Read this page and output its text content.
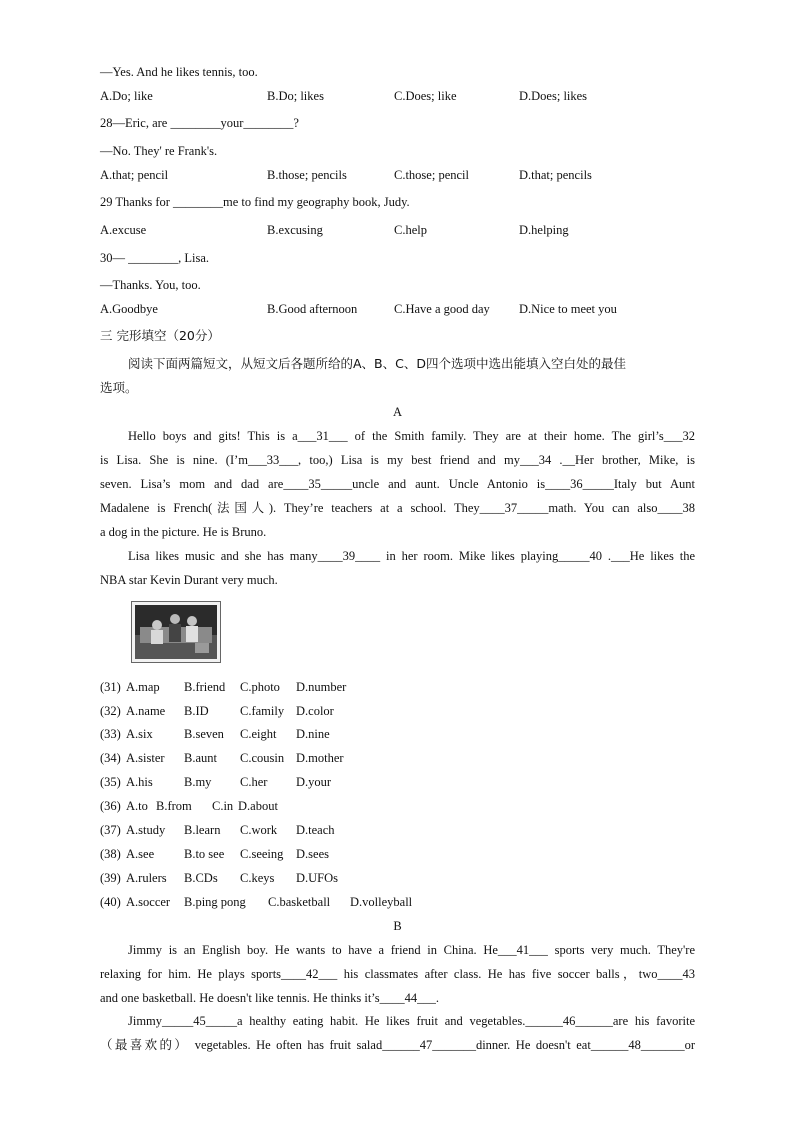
—Yes. And he likes tennis, too.
A.Do; like	B.Do; likes	C.Does; like	D.Does; likes
28—Eric, are ________your________?
—No. They' re Frank's.
A.that; pencil	B.those; pencils	C.those; pencil	D.that; pencils
29 Thanks for ________me to find my geography book, Judy.
A.excuse	B.excusing	C.help	D.helping
30— ________, Lisa.
—Thanks. You, too.
A.Goodbye	B.Good afternoon	C.Have a good day D.Nice to meet you
三 完形填空（20分）
阅读下面两篇短文，从短文后各题所给的A、B、C、D四个选项中选出能填入空白处的最佳
选项。
A
Hello boys and gits! This is a___31___ of the Smith family. They are at their home. The girl’s___32
is Lisa. She is nine. (I’m___33___, too,) Lisa is my best friend and my___34 .__Her brother, Mike, is
seven. Lisa’s mom and dad are____35_____uncle and aunt. Uncle Antonio is____36_____Italy but Aunt
Madalene is French(法国人). They’re teachers at a school. They____37_____math. You can also____38
a dog in the picture. He is Bruno.
Lisa likes music and she has many____39____ in her room. Mike likes playing_____40 .___He likes the
NBA star Kevin Durant very much.
(31) A.map B.friend C.photo D.number
(32) A.name B.ID	C.family D.color
(33) A.six	B.seven C.eight D.nine
(34) A.sister B.aunt C.cousin D.mother
(35) A.his	B.my C.her D.your
(36) A.to B.from C.in D.about
(37) A.study B.learn C.work D.teach
(38) A.see B.to see C.seeing D.sees
(39) A.rulers B.CDs C.keys D.UFOs
(40) A.soccer B.ping pong C.basketball D.volleyball
B
Jimmy is an English boy. He wants to have a friend in China. He___41___ sports very much. They're
relaxing for him. He plays sports____42___ his classmates after class. He has five soccer balls，two____43
and one basketball. He doesn't like tennis. He thinks it’s____44___.
Jimmy_____45_____a healthy eating habit. He likes fruit and vegetables.______46______are his favorite
（最喜欢的） vegetables. He often has fruit salad______47_______dinner. He doesn't eat______48_______or
